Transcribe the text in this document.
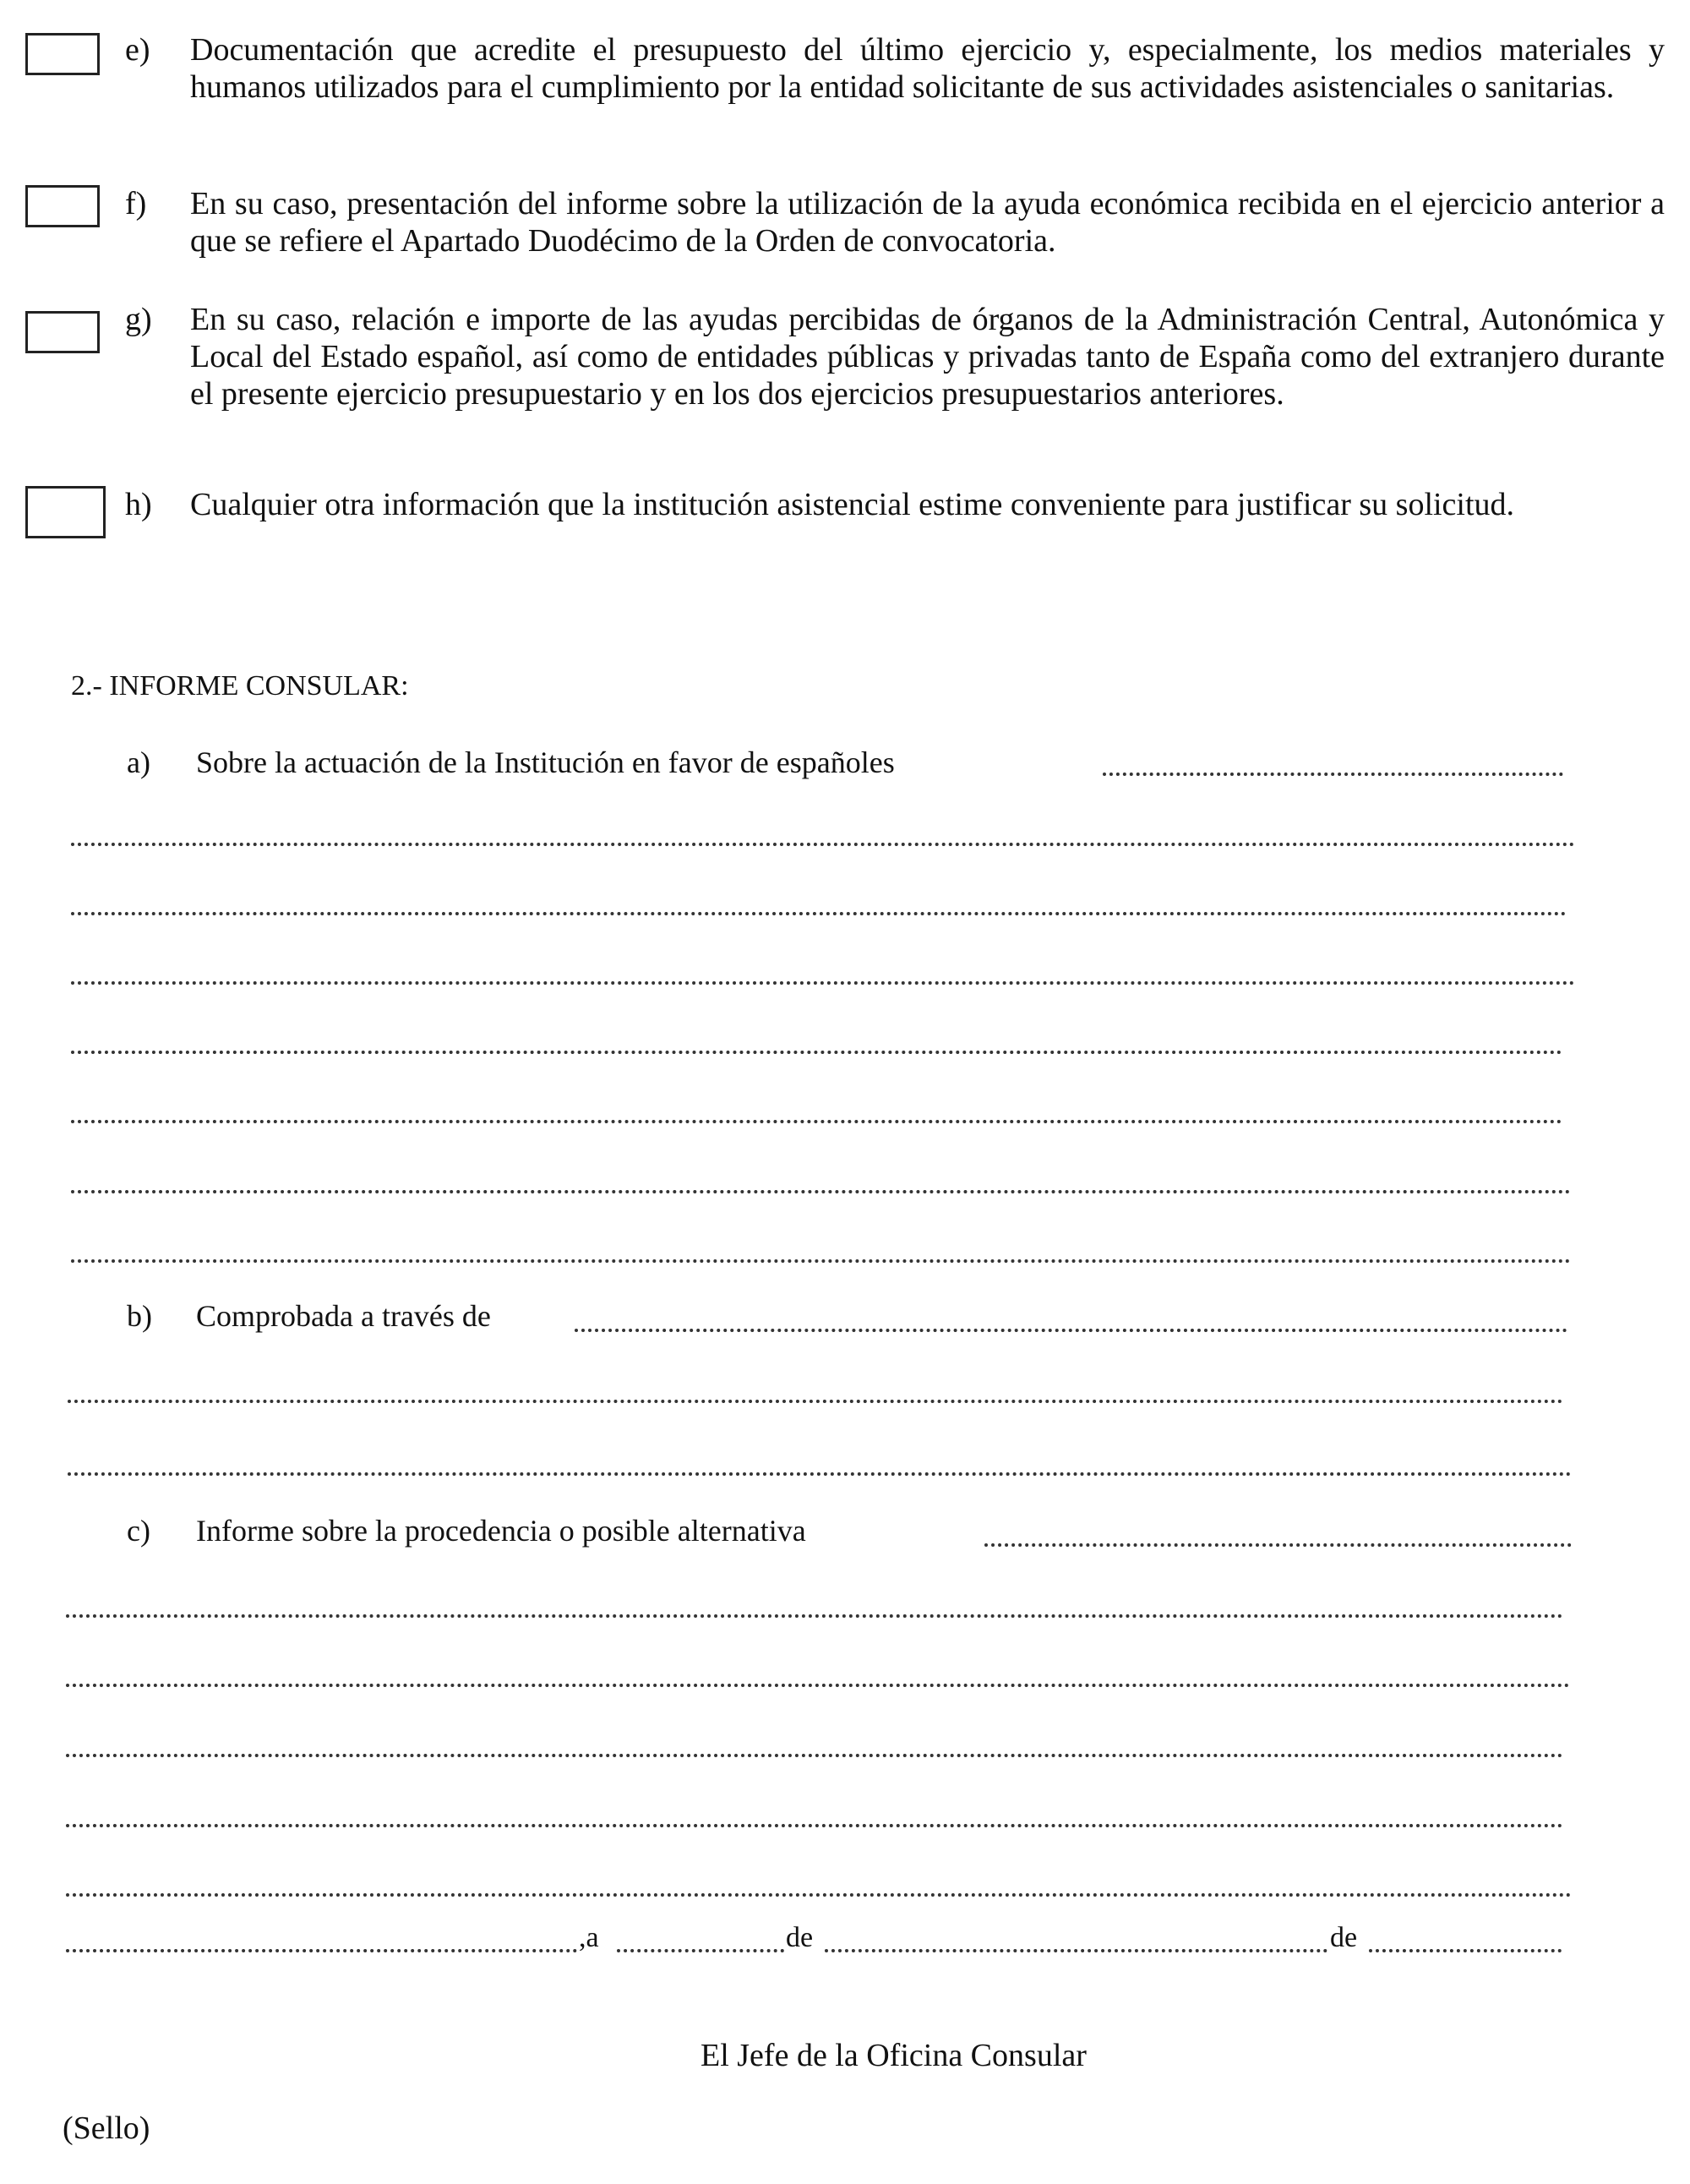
e) Documentación que acredite el presupuesto del último ejercicio y, especialmente, los medios materiales y humanos utilizados para el cumplimiento por la entidad solicitante de sus actividades asistenciales o sanitarias.
f) En su caso, presentación del informe sobre la utilización de la ayuda económica recibida en el ejercicio anterior a que se refiere el Apartado Duodécimo de la Orden de convocatoria.
g) En su caso, relación e importe de las ayudas percibidas de órganos de la Administración Central, Autonómica y Local del Estado español, así como de entidades públicas y privadas tanto de España como del extranjero durante el presente ejercicio presupuestario y en los dos ejercicios presupuestarios anteriores.
h) Cualquier otra información que la institución asistencial estime conveniente para justificar su solicitud.
2.- INFORME CONSULAR:
a) Sobre la actuación de la Institución en favor de españoles
b) Comprobada a través de
c) Informe sobre la procedencia o posible alternativa
,a	de	de
El Jefe de la Oficina Consular
(Sello)
